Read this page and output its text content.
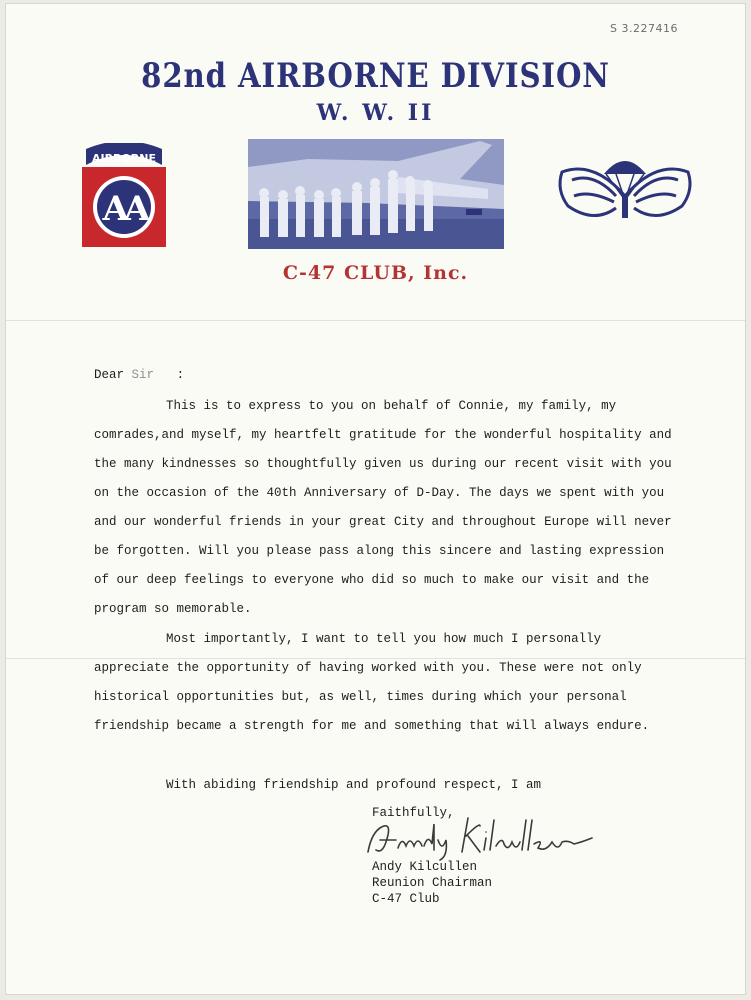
S 3.227416
82nd AIRBORNE DIVISION
W. W. II
AIRBORNE
AA
C-47 CLUB, Inc.
Dear Sir :
This is to express to you on behalf of Connie, my family, my
comrades,and myself, my heartfelt gratitude for the wonderful hospitality and
the many kindnesses so thoughtfully given us during our recent visit with you
on the occasion of the 40th Anniversary of D-Day. The days we spent with you
and our wonderful friends in your great City and throughout Europe will never
be forgotten. Will you please pass along this sincere and lasting expression
of our deep feelings to everyone who did so much to make our visit and the
program so memorable.
Most importantly, I want to tell you how much I personally
appreciate the opportunity of having worked with you. These were not only
historical opportunities but, as well, times during which your personal
friendship became a strength for me and something that will always endure.
With abiding friendship and profound respect, I am
Faithfully,
Andy Kilcullen
Reunion Chairman
C-47 Club
